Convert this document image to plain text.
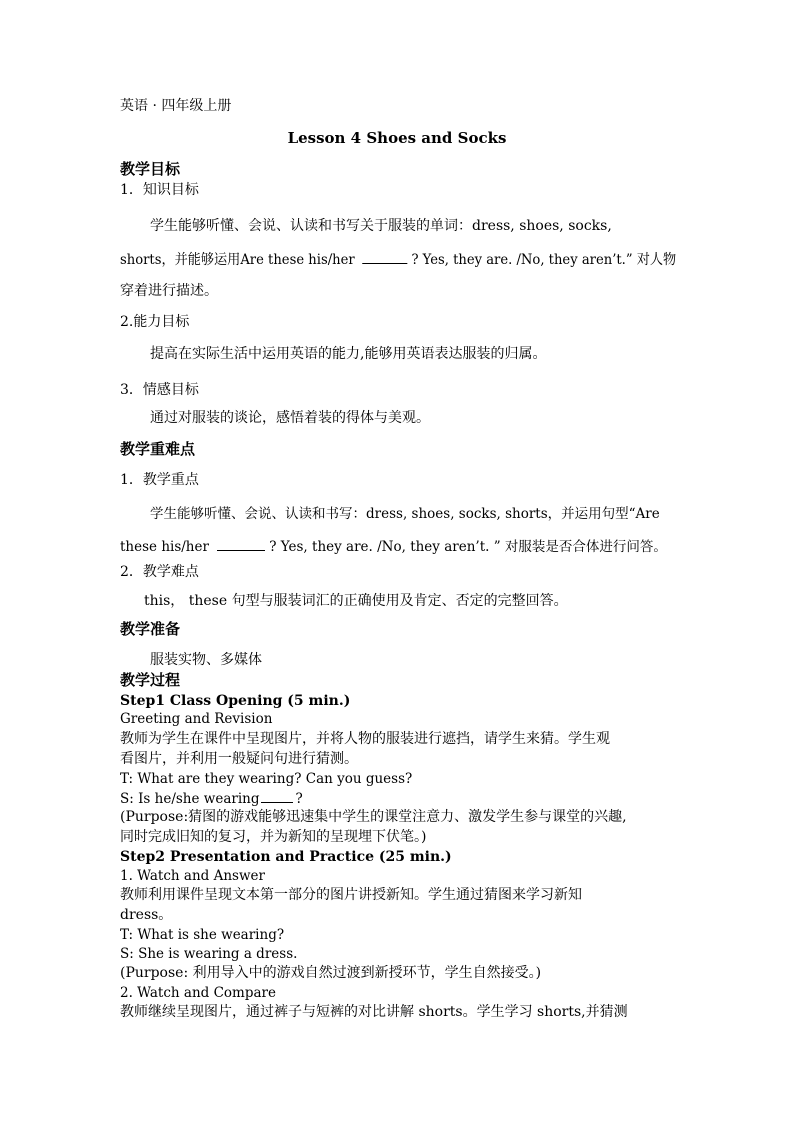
英语 · 四年级上册
Lesson 4 Shoes and Socks
教学目标
1．知识目标
学生能够听懂、会说、认读和书写关于服装的单词：dress, shoes, socks,
shorts，并能够运用Are these his/her	? Yes, they are. /No, they aren’t.” 对人物
穿着进行描述。
2.能力目标
提高在实际生活中运用英语的能力,能够用英语表达服装的归属。
3．情感目标
通过对服装的谈论，感悟着装的得体与美观。
教学重难点
1．教学重点
学生能够听懂、会说、认读和书写：dress, shoes, socks, shorts，并运用句型“Are
these his/her	? Yes, they are. /No, they aren’t. ” 对服装是否合体进行问答。
2．教学难点
this， these 句型与服装词汇的正确使用及肯定、否定的完整回答。
教学准备
服装实物、多媒体
教学过程
Step1 Class Opening (5 min.)
Greeting and Revision
教师为学生在课件中呈现图片，并将人物的服装进行遮挡，请学生来猜。学生观
看图片，并利用一般疑问句进行猜测。
T: What are they wearing? Can you guess?
S: Is he/she wearing	?
(Purpose:猜图的游戏能够迅速集中学生的课堂注意力、激发学生参与课堂的兴趣,
同时完成旧知的复习，并为新知的呈现埋下伏笔。)
Step2 Presentation and Practice (25 min.)
1. Watch and Answer
教师利用课件呈现文本第一部分的图片讲授新知。学生通过猜图来学习新知
dress。
T: What is she wearing?
S: She is wearing a dress.
(Purpose: 利用导入中的游戏自然过渡到新授环节，学生自然接受。)
2. Watch and Compare
教师继续呈现图片，通过裤子与短裤的对比讲解 shorts。学生学习 shorts,并猜测
